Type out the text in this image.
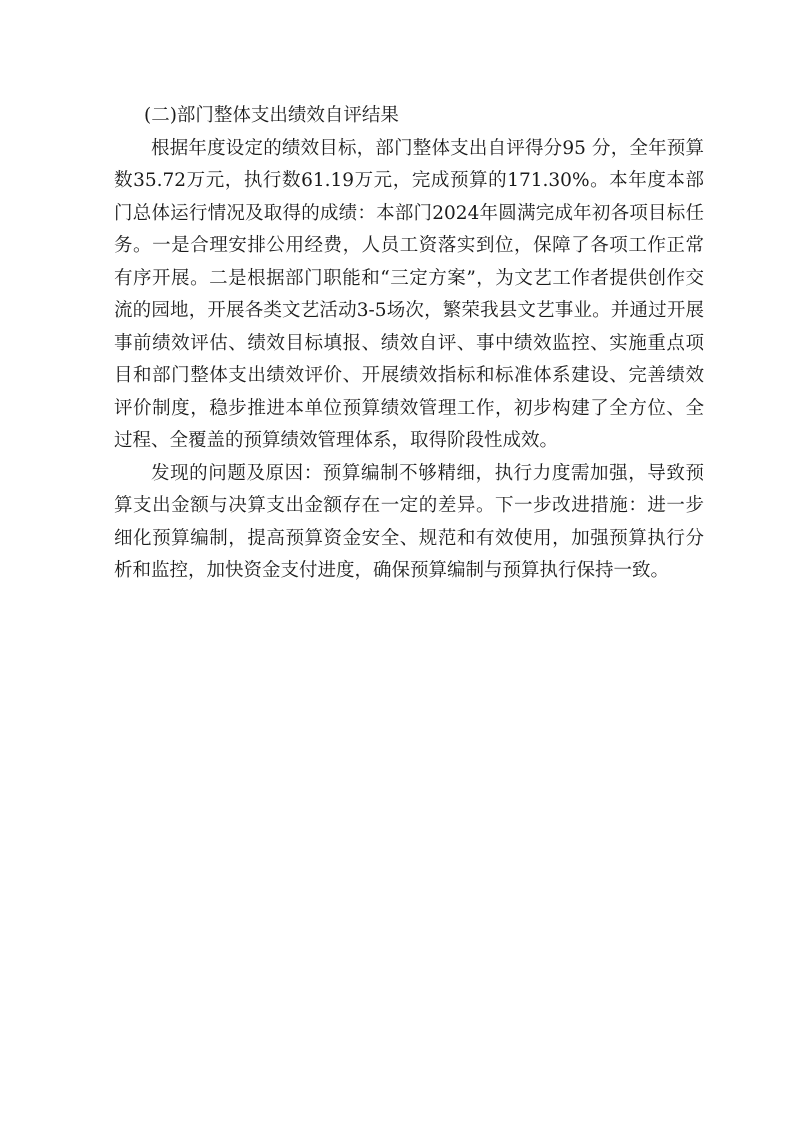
(二)部门整体支出绩效自评结果

根据年度设定的绩效目标，部门整体支出自评得分95 分，全年预算数35.72万元，执行数61.19万元，完成预算的171.30%。本年度本部门总体运行情况及取得的成绩：本部门2024年圆满完成年初各项目标任务。一是合理安排公用经费，人员工资落实到位，保障了各项工作正常有序开展。二是根据部门职能和“三定方案”，为文艺工作者提供创作交流的园地，开展各类文艺活动3-5场次，繁荣我县文艺事业。并通过开展事前绩效评估、绩效目标填报、绩效自评、事中绩效监控、实施重点项目和部门整体支出绩效评价、开展绩效指标和标准体系建设、完善绩效评价制度，稳步推进本单位预算绩效管理工作，初步构建了全方位、全过程、全覆盖的预算绩效管理体系，取得阶段性成效。

发现的问题及原因：预算编制不够精细，执行力度需加强，导致预算支出金额与决算支出金额存在一定的差异。下一步改进措施：进一步细化预算编制，提高预算资金安全、规范和有效使用，加强预算执行分析和监控，加快资金支付进度，确保预算编制与预算执行保持一致。
